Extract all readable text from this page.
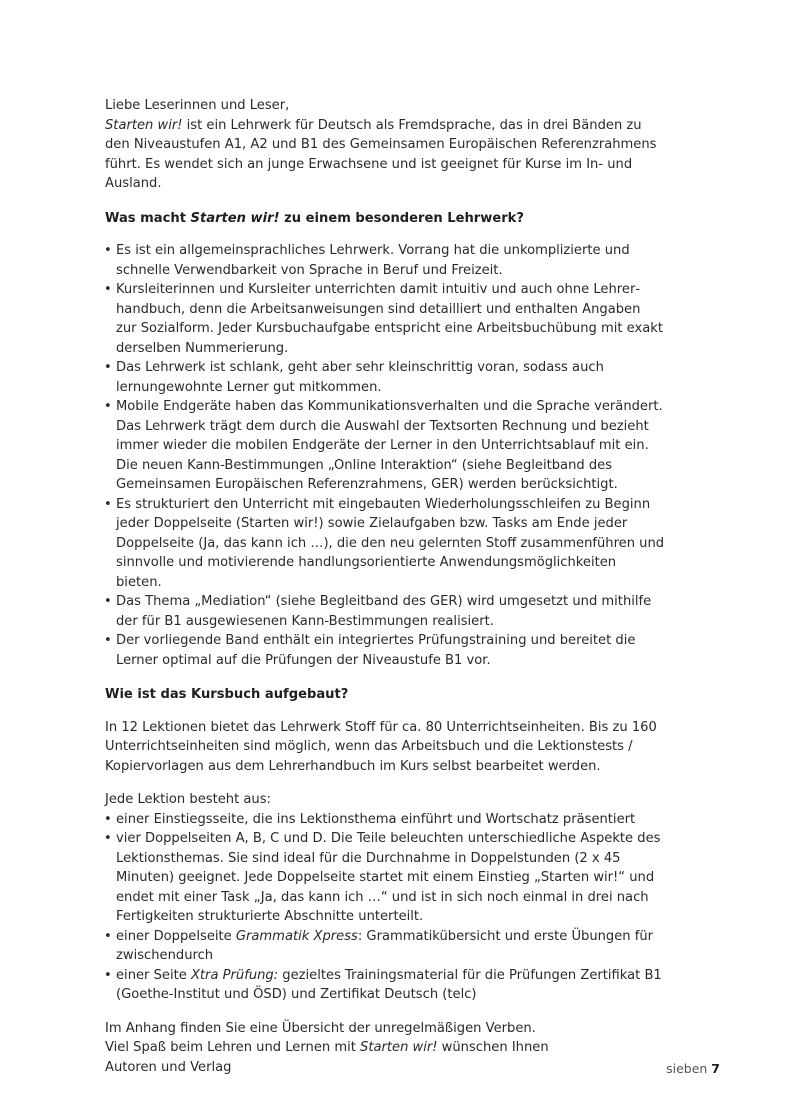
Liebe Leserinnen und Leser,

Starten wir! ist ein Lehrwerk für Deutsch als Fremdsprache, das in drei Bänden zu den Niveaustufen A1, A2 und B1 des Gemeinsamen Europäischen Referenzrahmens führt. Es wendet sich an junge Erwachsene und ist geeignet für Kurse im In- und Ausland.

Was macht Starten wir! zu einem besonderen Lehrwerk?

• Es ist ein allgemeinsprachliches Lehrwerk. Vorrang hat die unkomplizierte und schnelle Verwendbarkeit von Sprache in Beruf und Freizeit.
• Kursleiterinnen und Kursleiter unterrichten damit intuitiv und auch ohne Lehrerhandbuch, denn die Arbeitsanweisungen sind detailliert und enthalten Angaben zur Sozialform. Jeder Kursbuchaufgabe entspricht eine Arbeitsbuchübung mit exakt derselben Nummerierung.
• Das Lehrwerk ist schlank, geht aber sehr kleinschrittig voran, sodass auch lernungewohnte Lerner gut mitkommen.
• Mobile Endgeräte haben das Kommunikationsverhalten und die Sprache verändert. Das Lehrwerk trägt dem durch die Auswahl der Textsorten Rechnung und bezieht immer wieder die mobilen Endgeräte der Lerner in den Unterrichtsablauf mit ein. Die neuen Kann-Bestimmungen „Online Interaktion“ (siehe Begleitband des Gemeinsamen Europäischen Referenzrahmens, GER) werden berücksichtigt.
• Es strukturiert den Unterricht mit eingebauten Wiederholungsschleifen zu Beginn jeder Doppelseite (Starten wir!) sowie Zielaufgaben bzw. Tasks am Ende jeder Doppelseite (Ja, das kann ich …), die den neu gelernten Stoff zusammenführen und sinnvolle und motivierende handlungsorientierte Anwendungsmöglichkeiten bieten.
• Das Thema „Mediation“ (siehe Begleitband des GER) wird umgesetzt und mithilfe der für B1 ausgewiesenen Kann-Bestimmungen realisiert.
• Der vorliegende Band enthält ein integriertes Prüfungstraining und bereitet die Lerner optimal auf die Prüfungen der Niveaustufe B1 vor.

Wie ist das Kursbuch aufgebaut?

In 12 Lektionen bietet das Lehrwerk Stoff für ca. 80 Unterrichtseinheiten. Bis zu 160 Unterrichtseinheiten sind möglich, wenn das Arbeitsbuch und die Lektionstests / Kopiervorlagen aus dem Lehrerhandbuch im Kurs selbst bearbeitet werden.

Jede Lektion besteht aus:

• einer Einstiegsseite, die ins Lektionsthema einführt und Wortschatz präsentiert
• vier Doppelseiten A, B, C und D. Die Teile beleuchten unterschiedliche Aspekte des Lektionsthemas. Sie sind ideal für die Durchnahme in Doppelstunden (2 x 45 Minuten) geeignet. Jede Doppelseite startet mit einem Einstieg „Starten wir!“ und endet mit einer Task „Ja, das kann ich …“ und ist in sich noch einmal in drei nach Fertigkeiten strukturierte Abschnitte unterteilt.
• einer Doppelseite Grammatik Xpress: Grammatikübersicht und erste Übungen für zwischendurch
• einer Seite Xtra Prüfung: gezieltes Trainingsmaterial für die Prüfungen Zertifikat B1 (Goethe-Institut und ÖSD) und Zertifikat Deutsch (telc)

Im Anhang finden Sie eine Übersicht der unregelmäßigen Verben.

Viel Spaß beim Lehren und Lernen mit Starten wir! wünschen Ihnen

Autoren und Verlag	sieben 7
